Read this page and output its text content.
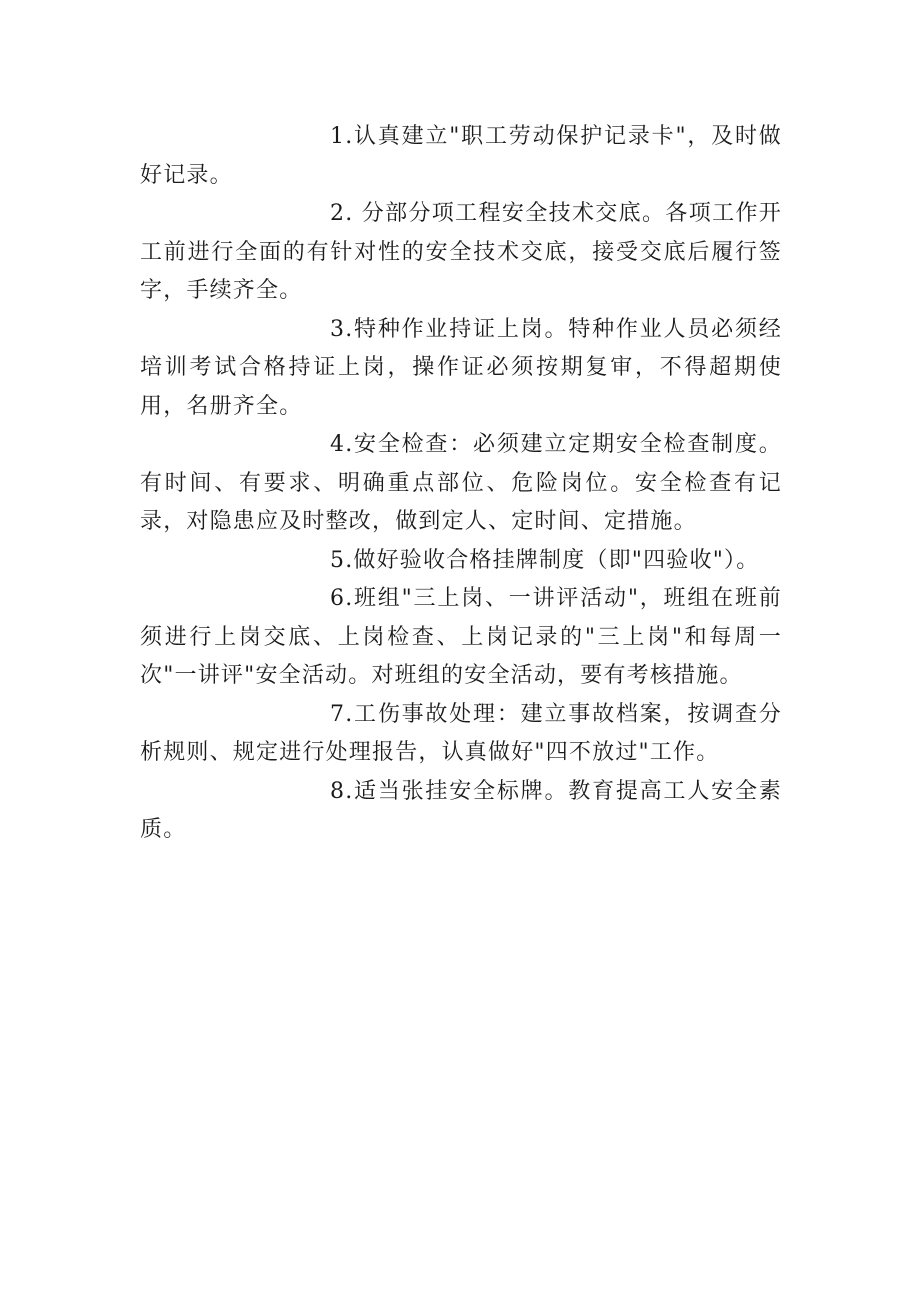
1.认真建立"职工劳动保护记录卡"，及时做好记录。

2. 分部分项工程安全技术交底。各项工作开工前进行全面的有针对性的安全技术交底，接受交底后履行签字，手续齐全。

3.特种作业持证上岗。特种作业人员必须经培训考试合格持证上岗，操作证必须按期复审，不得超期使用，名册齐全。

4.安全检查：必须建立定期安全检查制度。有时间、有要求、明确重点部位、危险岗位。安全检查有记录，对隐患应及时整改，做到定人、定时间、定措施。

5.做好验收合格挂牌制度（即"四验收"）。

6.班组"三上岗、一讲评活动"，班组在班前须进行上岗交底、上岗检查、上岗记录的"三上岗"和每周一次"一讲评"安全活动。对班组的安全活动，要有考核措施。

7.工伤事故处理：建立事故档案，按调查分析规则、规定进行处理报告，认真做好"四不放过"工作。

8.适当张挂安全标牌。教育提高工人安全素质。
